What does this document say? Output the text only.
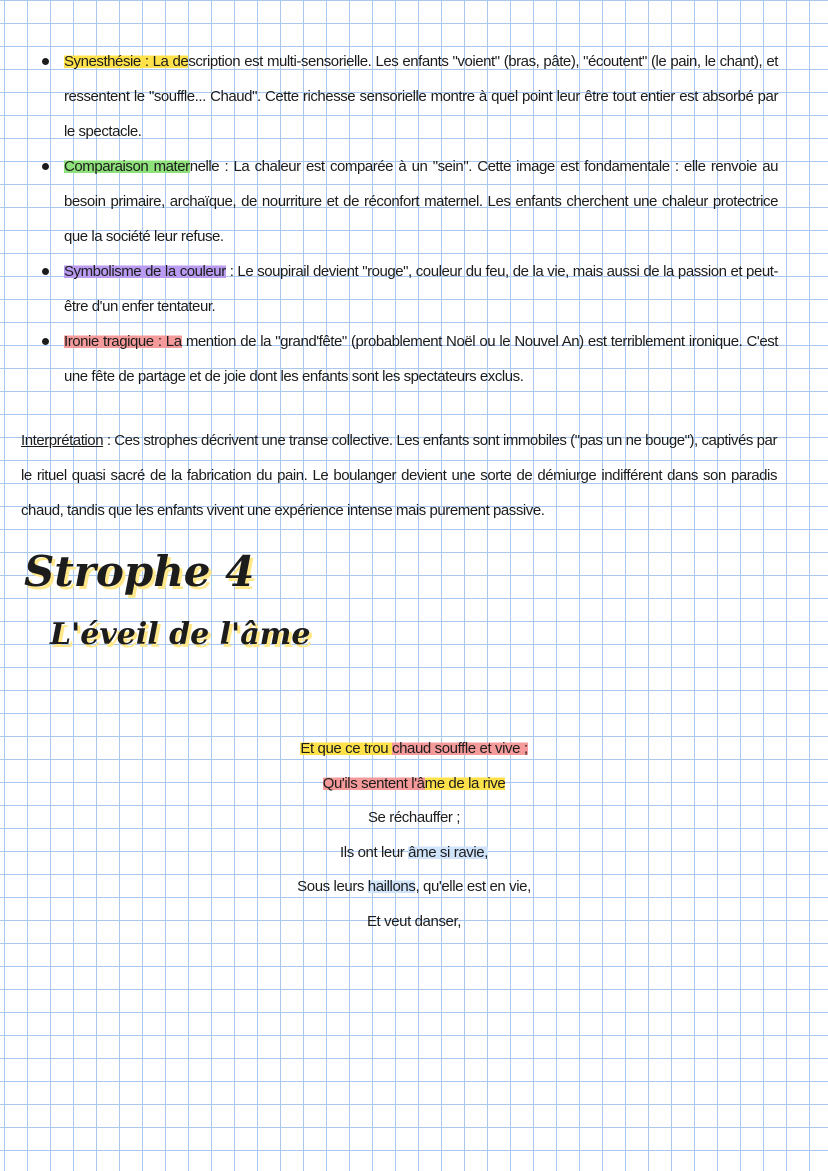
Synesthésie : La description est multi-sensorielle. Les enfants "voient" (bras, pâte), "écoutent" (le pain, le chant), et ressentent le "souffle... Chaud". Cette richesse sensorielle montre à quel point leur être tout entier est absorbé par le spectacle.
Comparaison maternelle : La chaleur est comparée à un "sein". Cette image est fondamentale : elle renvoie au besoin primaire, archaïque, de nourriture et de réconfort maternel. Les enfants cherchent une chaleur protectrice que la société leur refuse.
Symbolisme de la couleur : Le soupirail devient "rouge", couleur du feu, de la vie, mais aussi de la passion et peut-être d'un enfer tentateur.
Ironie tragique : La mention de la "grand'fête" (probablement Noël ou le Nouvel An) est terriblement ironique. C'est une fête de partage et de joie dont les enfants sont les spectateurs exclus.

Interprétation : Ces strophes décrivent une transe collective. Les enfants sont immobiles ("pas un ne bouge"), captivés par le rituel quasi sacré de la fabrication du pain. Le boulanger devient une sorte de démiurge indifférent dans son paradis chaud, tandis que les enfants vivent une expérience intense mais purement passive.

Strophe 4
L'éveil de l'âme
Et que ce trou chaud souffle et vive ;
Qu'ils sentent l'âme de la rive
Se réchauffer ;
Ils ont leur âme si ravie,
Sous leurs haillons, qu'elle est en vie,
Et veut danser,
